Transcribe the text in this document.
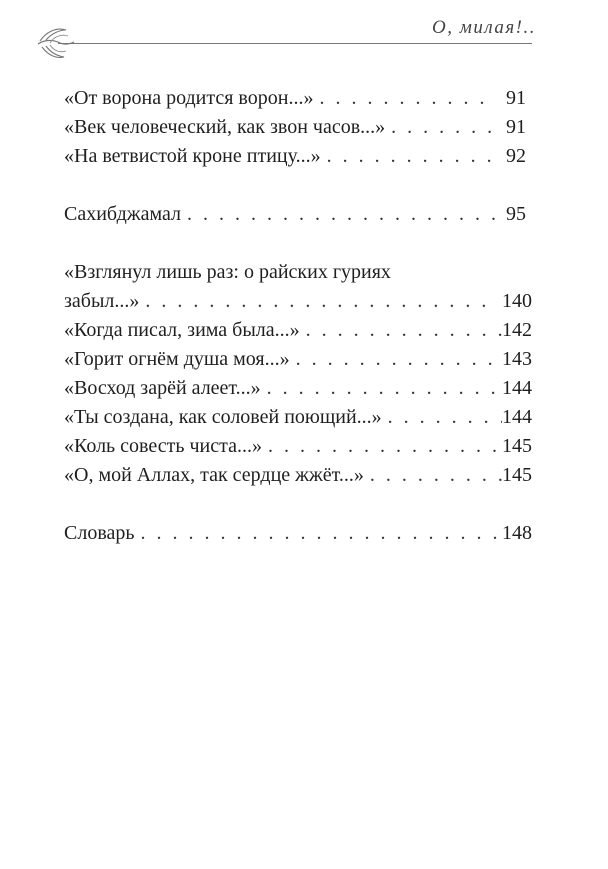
О, милая!..
«От ворона родится ворон...» . . .	91
«Век человеческий, как звон часов...» . . .	91
«На ветвистой кроне птицу...» . . .	92
Сахибджамал . . .	95
«Взглянул лишь раз: о райских гуриях
забыл...» . . .	140
«Когда писал, зима была...» . . .	142
«Горит огнём душа моя...» . . .	143
«Восход зарёй алеет...» . . .	144
«Ты создана, как соловей поющий...» . . .	144
«Коль совесть чиста...» . . .	145
«О, мой Аллах, так сердце жжёт...» . . .	145
Словарь . . .	148
